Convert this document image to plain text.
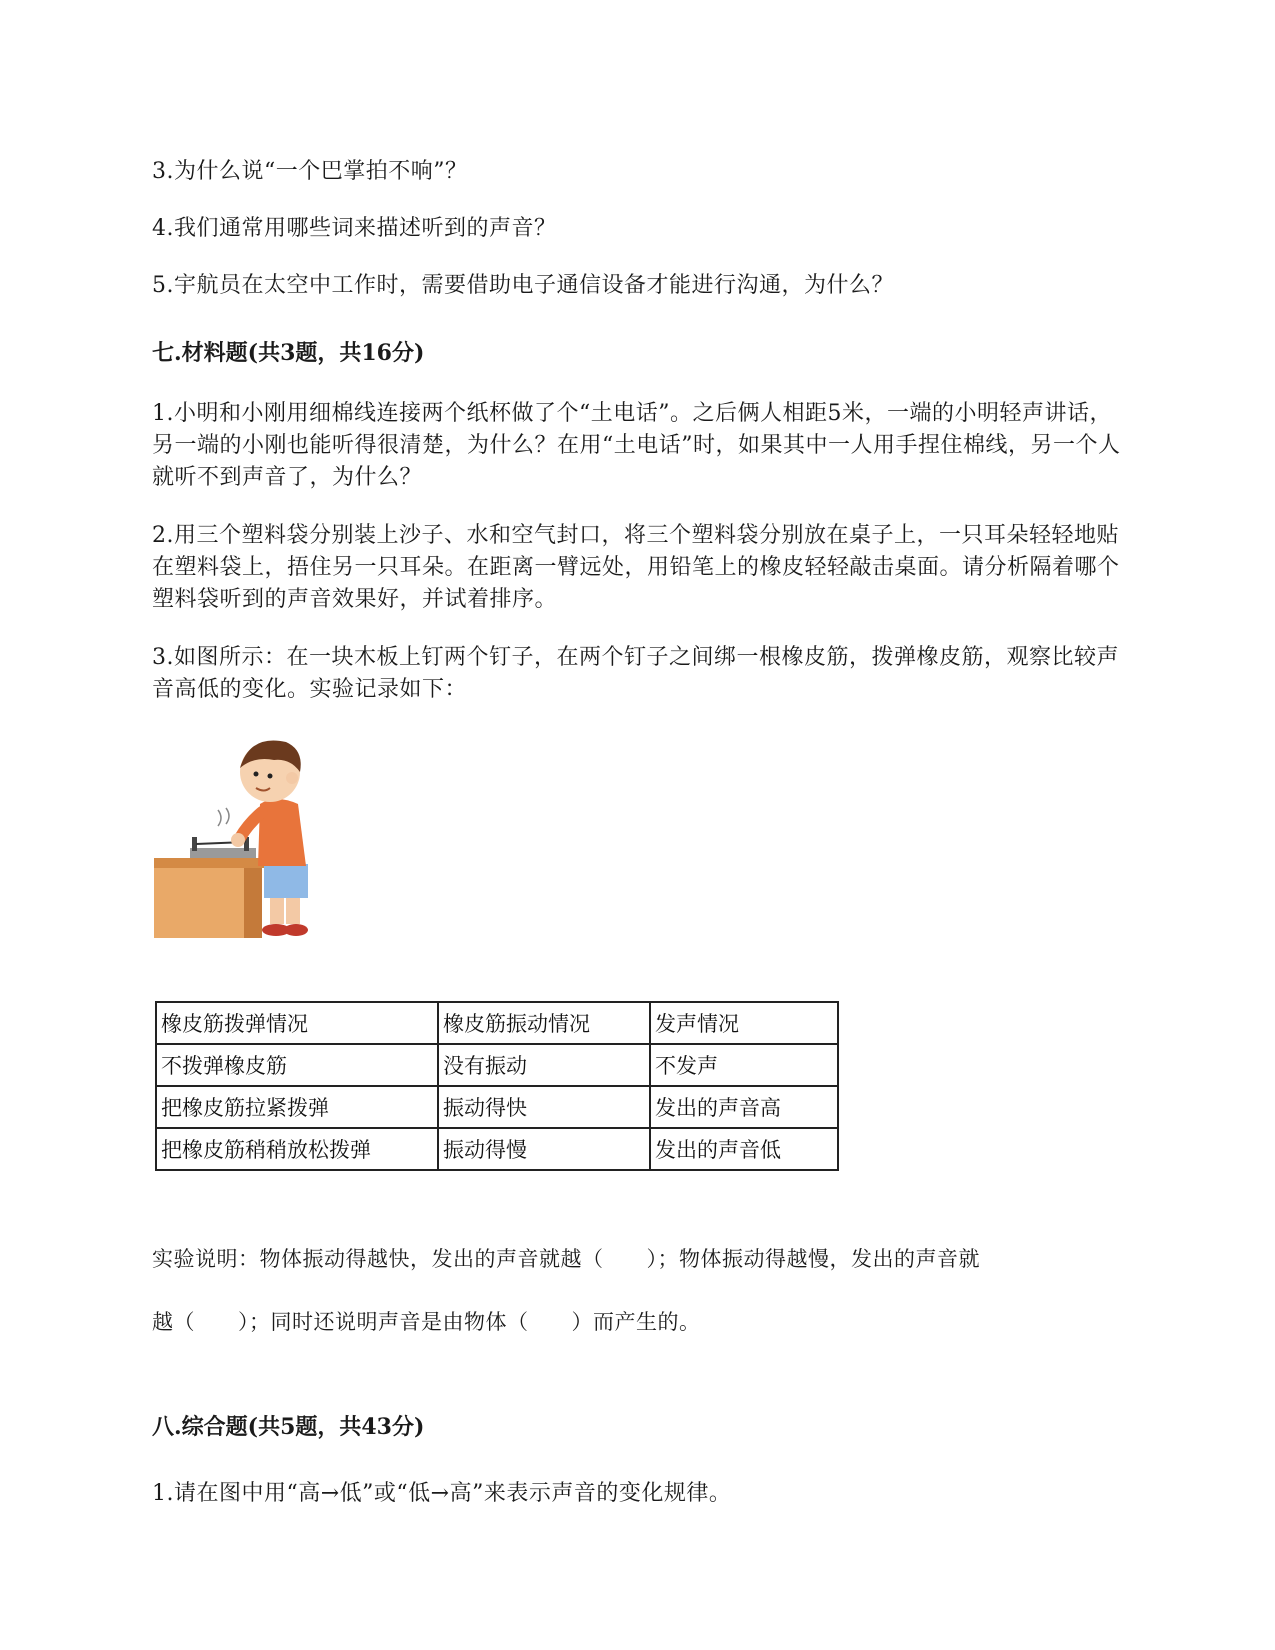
3.为什么说“一个巴掌拍不响”？
4.我们通常用哪些词来描述听到的声音？
5.宇航员在太空中工作时，需要借助电子通信设备才能进行沟通，为什么？
七.材料题(共3题，共16分)
1.小明和小刚用细棉线连接两个纸杯做了个“土电话”。之后俩人相距5米，一端的小明轻声讲话，另一端的小刚也能听得很清楚，为什么？在用“土电话”时，如果其中一人用手捏住棉线，另一个人就听不到声音了，为什么？
2.用三个塑料袋分别装上沙子、水和空气封口，将三个塑料袋分别放在桌子上，一只耳朵轻轻地贴在塑料袋上，捂住另一只耳朵。在距离一臂远处，用铅笔上的橡皮轻轻敲击桌面。请分析隔着哪个塑料袋听到的声音效果好，并试着排序。
3.如图所示：在一块木板上钉两个钉子，在两个钉子之间绑一根橡皮筋，拨弹橡皮筋，观察比较声音高低的变化。实验记录如下：
橡皮筋拨弹情况	橡皮筋振动情况	发声情况
不拨弹橡皮筋	没有振动	不发声
把橡皮筋拉紧拨弹	振动得快	发出的声音高
把橡皮筋稍稍放松拨弹	振动得慢	发出的声音低
实验说明：物体振动得越快，发出的声音就越（　　）；物体振动得越慢，发出的声音就
越（　　）；同时还说明声音是由物体（　　）而产生的。
八.综合题(共5题，共43分)
1.请在图中用“高→低”或“低→高”来表示声音的变化规律。
